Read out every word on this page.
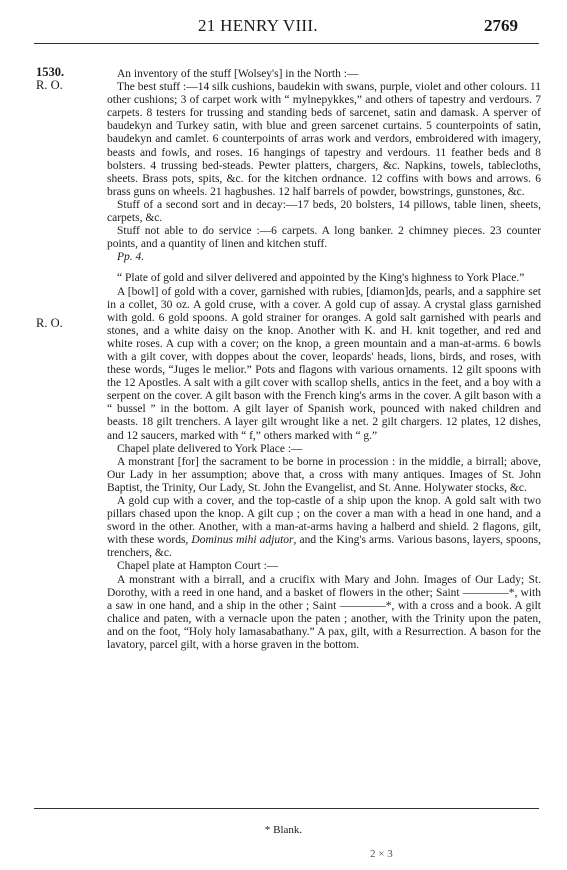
21 HENRY VIII.	2769
1530.
R. O.
R. O.

An inventory of the stuff [Wolsey's] in the North :—

The best stuff :—14 silk cushions, baudekin with swans, purple, violet and other colours. 11 other cushions; 3 of carpet work with “ mylnepykkes,” and others of tapestry and verdours. 7 carpets. 8 testers for trussing and standing beds of sarcenet, satin and damask. A sperver of baudekyn and Turkey satin, with blue and green sarcenet curtains. 5 counterpoints of satin, baudekyn and camlet. 6 counterpoints of arras work and verdors, embroidered with imagery, beasts and fowls, and roses. 16 hangings of tapestry and verdours. 11 feather beds and 8 bolsters. 4 trussing bed-steads. Pewter platters, chargers, &c. Napkins, towels, tablecloths, sheets. Brass pots, spits, &c. for the kitchen ordnance. 12 coffins with bows and arrows. 6 brass guns on wheels. 21 hagbushes. 12 half barrels of powder, bowstrings, gunstones, &c.

Stuff of a second sort and in decay:—17 beds, 20 bolsters, 14 pillows, table linen, sheets, carpets, &c.

Stuff not able to do service :—6 carpets. A long banker. 2 chimney pieces. 23 counter points, and a quantity of linen and kitchen stuff.

Pp. 4.

“ Plate of gold and silver delivered and appointed by the King's highness to York Place.”

A [bowl] of gold with a cover, garnished with rubies, [diamon]ds, pearls, and a sapphire set in a collet, 30 oz. A gold cruse, with a cover. A gold cup of assay. A crystal glass garnished with gold. 6 gold spoons. A gold strainer for oranges. A gold salt garnished with pearls and stones, and a white daisy on the knop. Another with K. and H. knit together, and red and white roses. A cup with a cover; on the knop, a green mountain and a man-at-arms. 6 bowls with a gilt cover, with doppes about the cover, leopards' heads, lions, birds, and roses, with these words, “Juges le melior.” Pots and flagons with various ornaments. 12 gilt spoons with the 12 Apostles. A salt with a gilt cover with scallop shells, antics in the feet, and a boy with a serpent on the cover. A gilt bason with the French king's arms in the cover. A gilt bason with a “ bussel ” in the bottom. A gilt layer of Spanish work, pounced with naked children and beasts. 18 gilt trenchers. A layer gilt wrought like a net. 2 gilt chargers. 12 plates, 12 dishes, and 12 saucers, marked with “ f,” others marked with “ g.”

Chapel plate delivered to York Place :—

A monstrant [for] the sacrament to be borne in procession : in the middle, a birrall; above, Our Lady in her assumption; above that, a cross with many antiques. Images of St. John Baptist, the Trinity, Our Lady, St. John the Evangelist, and St. Anne. Holywater stocks, &c.

A gold cup with a cover, and the top-castle of a ship upon the knop. A gold salt with two pillars chased upon the knop. A gilt cup ; on the cover a man with a head in one hand, and a sword in the other. Another, with a man-at-arms having a halberd and shield. 2 flagons, gilt, with these words, Dominus mihi adjutor, and the King's arms. Various basons, layers, spoons, trenchers, &c.

Chapel plate at Hampton Court :—

A monstrant with a birrall, and a crucifix with Mary and John. Images of Our Lady; St. Dorothy, with a reed in one hand, and a basket of flowers in the other; Saint ————*, with a saw in one hand, and a ship in the other ; Saint ————*, with a cross and a book. A gilt chalice and paten, with a vernacle upon the paten ; another, with the Trinity upon the paten, and on the foot, “Holy holy lamasabathany.” A pax, gilt, with a Resurrection. A bason for the lavatory, parcel gilt, with a horse graven in the bottom.

* Blank.
2 × 3
